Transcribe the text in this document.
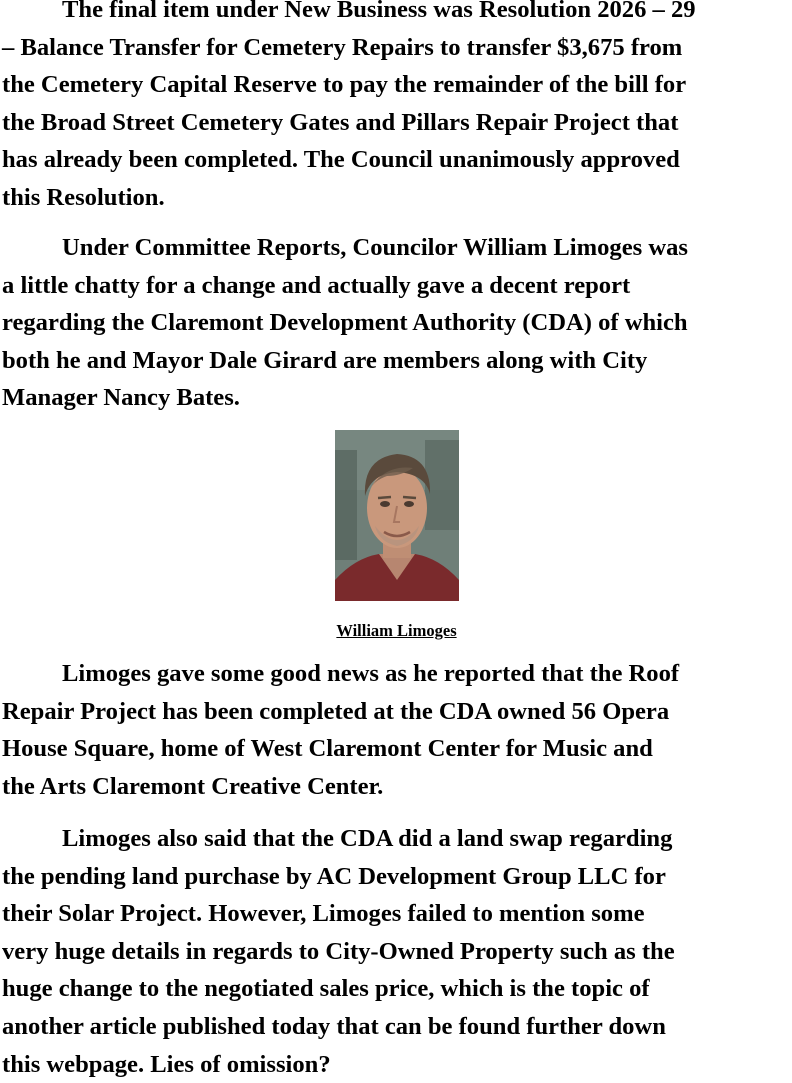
The final item under New Business was Resolution 2026 – 29
– Balance Transfer for Cemetery Repairs to transfer $3,675 from
the Cemetery Capital Reserve to pay the remainder of the bill for
the Broad Street Cemetery Gates and Pillars Repair Project that
has already been completed. The Council unanimously approved
this Resolution.
Under Committee Reports, Councilor William Limoges was
a little chatty for a change and actually gave a decent report
regarding the Claremont Development Authority (CDA) of which
both he and Mayor Dale Girard are members along with City
Manager Nancy Bates.
William Limoges
Limoges gave some good news as he reported that the Roof
Repair Project has been completed at the CDA owned 56 Opera
House Square, home of West Claremont Center for Music and
the Arts Claremont Creative Center.
Limoges also said that the CDA did a land swap regarding
the pending land purchase by AC Development Group LLC for
their Solar Project. However, Limoges failed to mention some
very huge details in regards to City-Owned Property such as the
huge change to the negotiated sales price, which is the topic of
another article published today that can be found further down
this webpage. Lies of omission?
